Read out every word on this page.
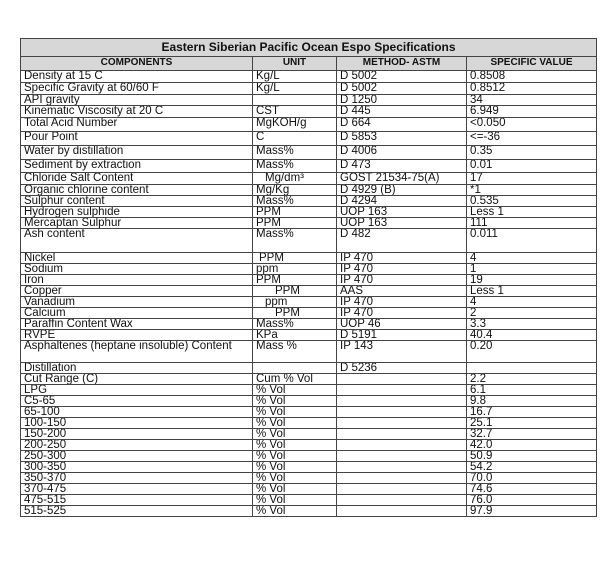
Eastern Siberian Pacific Ocean Espo Specifications			
COMPONENTS	UNIT	METHOD- ASTM	SPECIFIC VALUE
Density at 15 C	Kg/L	D 5002	0.8508
Specific Gravity at 60/60 F	Kg/L	D 5002	0.8512
API gravity		D 1250	34
Kinematic Viscosity at 20 C	CST	D 445	6.949
Total Acid Number	MgKOH/g	D 664	<0.050
Pour Point	C	D 5853	<=-36
Water by distillation	Mass%	D 4006	0.35
Sediment by extraction	Mass%	D 473	0.01
Chloride Salt Content	Mg/dm³	GOST 21534-75(A)	17
Organic chlorine content	Mg/Kg	D 4929 (B)	*1
Sulphur content	Mass%	D 4294	0.535
Hydrogen sulphide	PPM	UOP 163	Less 1
Mercaptan Sulphur	PPM	UOP 163	111
Ash content	Mass%	D 482	0.011
Nickel	PPM	IP 470	4
Sodium	ppm	IP 470	1
Iron	PPM	IP 470	19
Copper	PPM	AAS	Less 1
Vanadium	ppm	IP 470	4
Calcium	PPM	IP 470	2
Paraffin Content Wax	Mass%	UOP 46	3.3
RVPE	KPa	D 5191	40.4
Asphaltenes (heptane insoluble) Content	Mass %	IP 143	0.20
Distillation		D 5236	
Cut Range (C)	Cum % Vol		2.2
LPG	% Vol		6.1
C5-65	% Vol		9.8
65-100	% Vol		16.7
100-150	% Vol		25.1
150-200	% Vol		32.7
200-250	% Vol		42.0
250-300	% Vol		50.9
300-350	% Vol		54.2
350-370	% Vol		70.0
370-475	% Vol		74.6
475-515	% Vol		76.0
515-525	% Vol		97.9
